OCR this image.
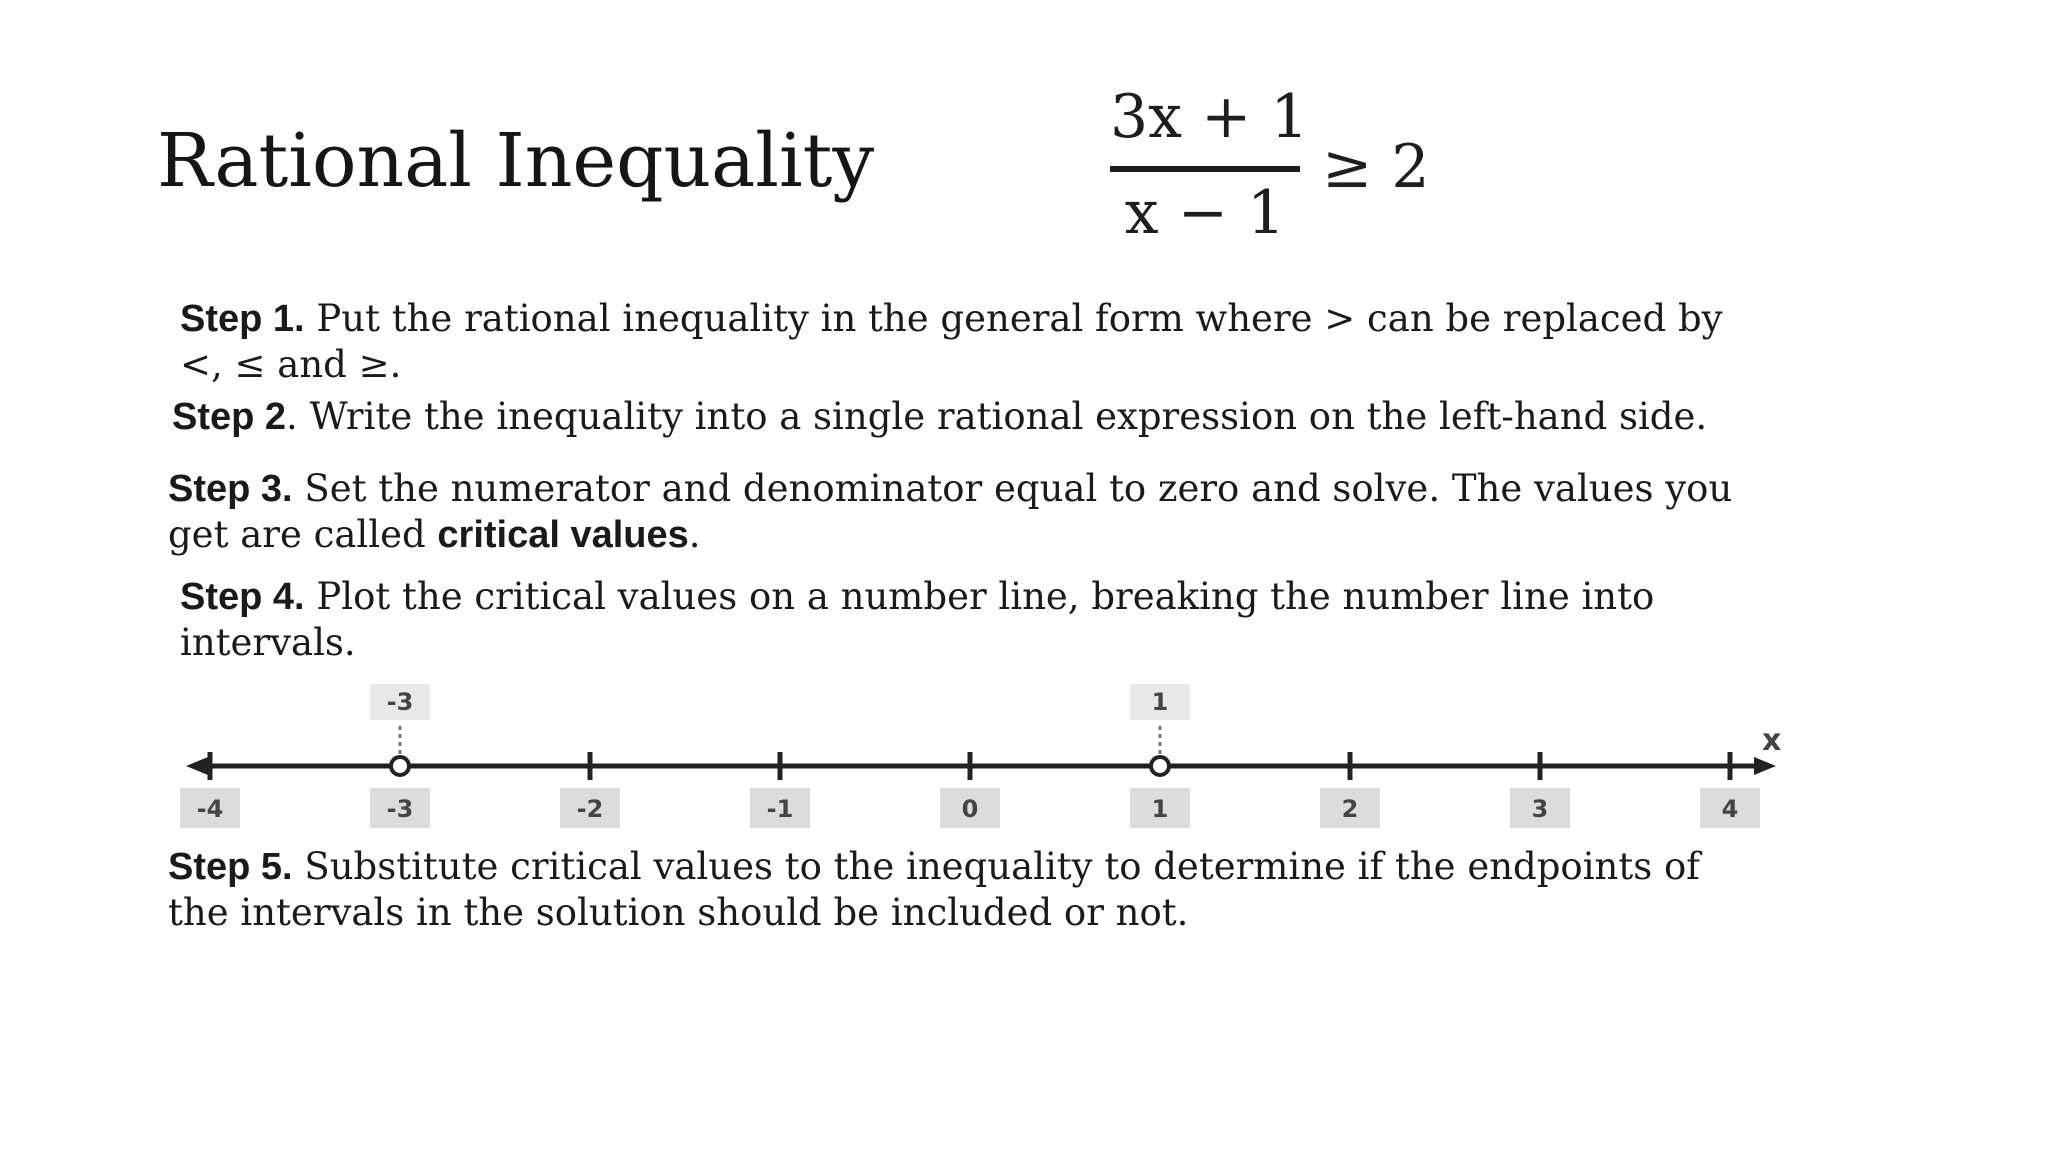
Rational Inequality
3x + 1
x − 1
≥ 2

Step 1. Put the rational inequality in the general form where > can be replaced by
<, ≤ and ≥.

Step 2. Write the inequality into a single rational expression on the left-hand side.

Step 3. Set the numerator and denominator equal to zero and solve. The values you
get are called critical values.

Step 4. Plot the critical values on a number line, breaking the number line into
intervals.

x
-4	-3	-2	-1	0	1	2	3	4
-3	1

Step 5. Substitute critical values to the inequality to determine if the endpoints of
the intervals in the solution should be included or not.
